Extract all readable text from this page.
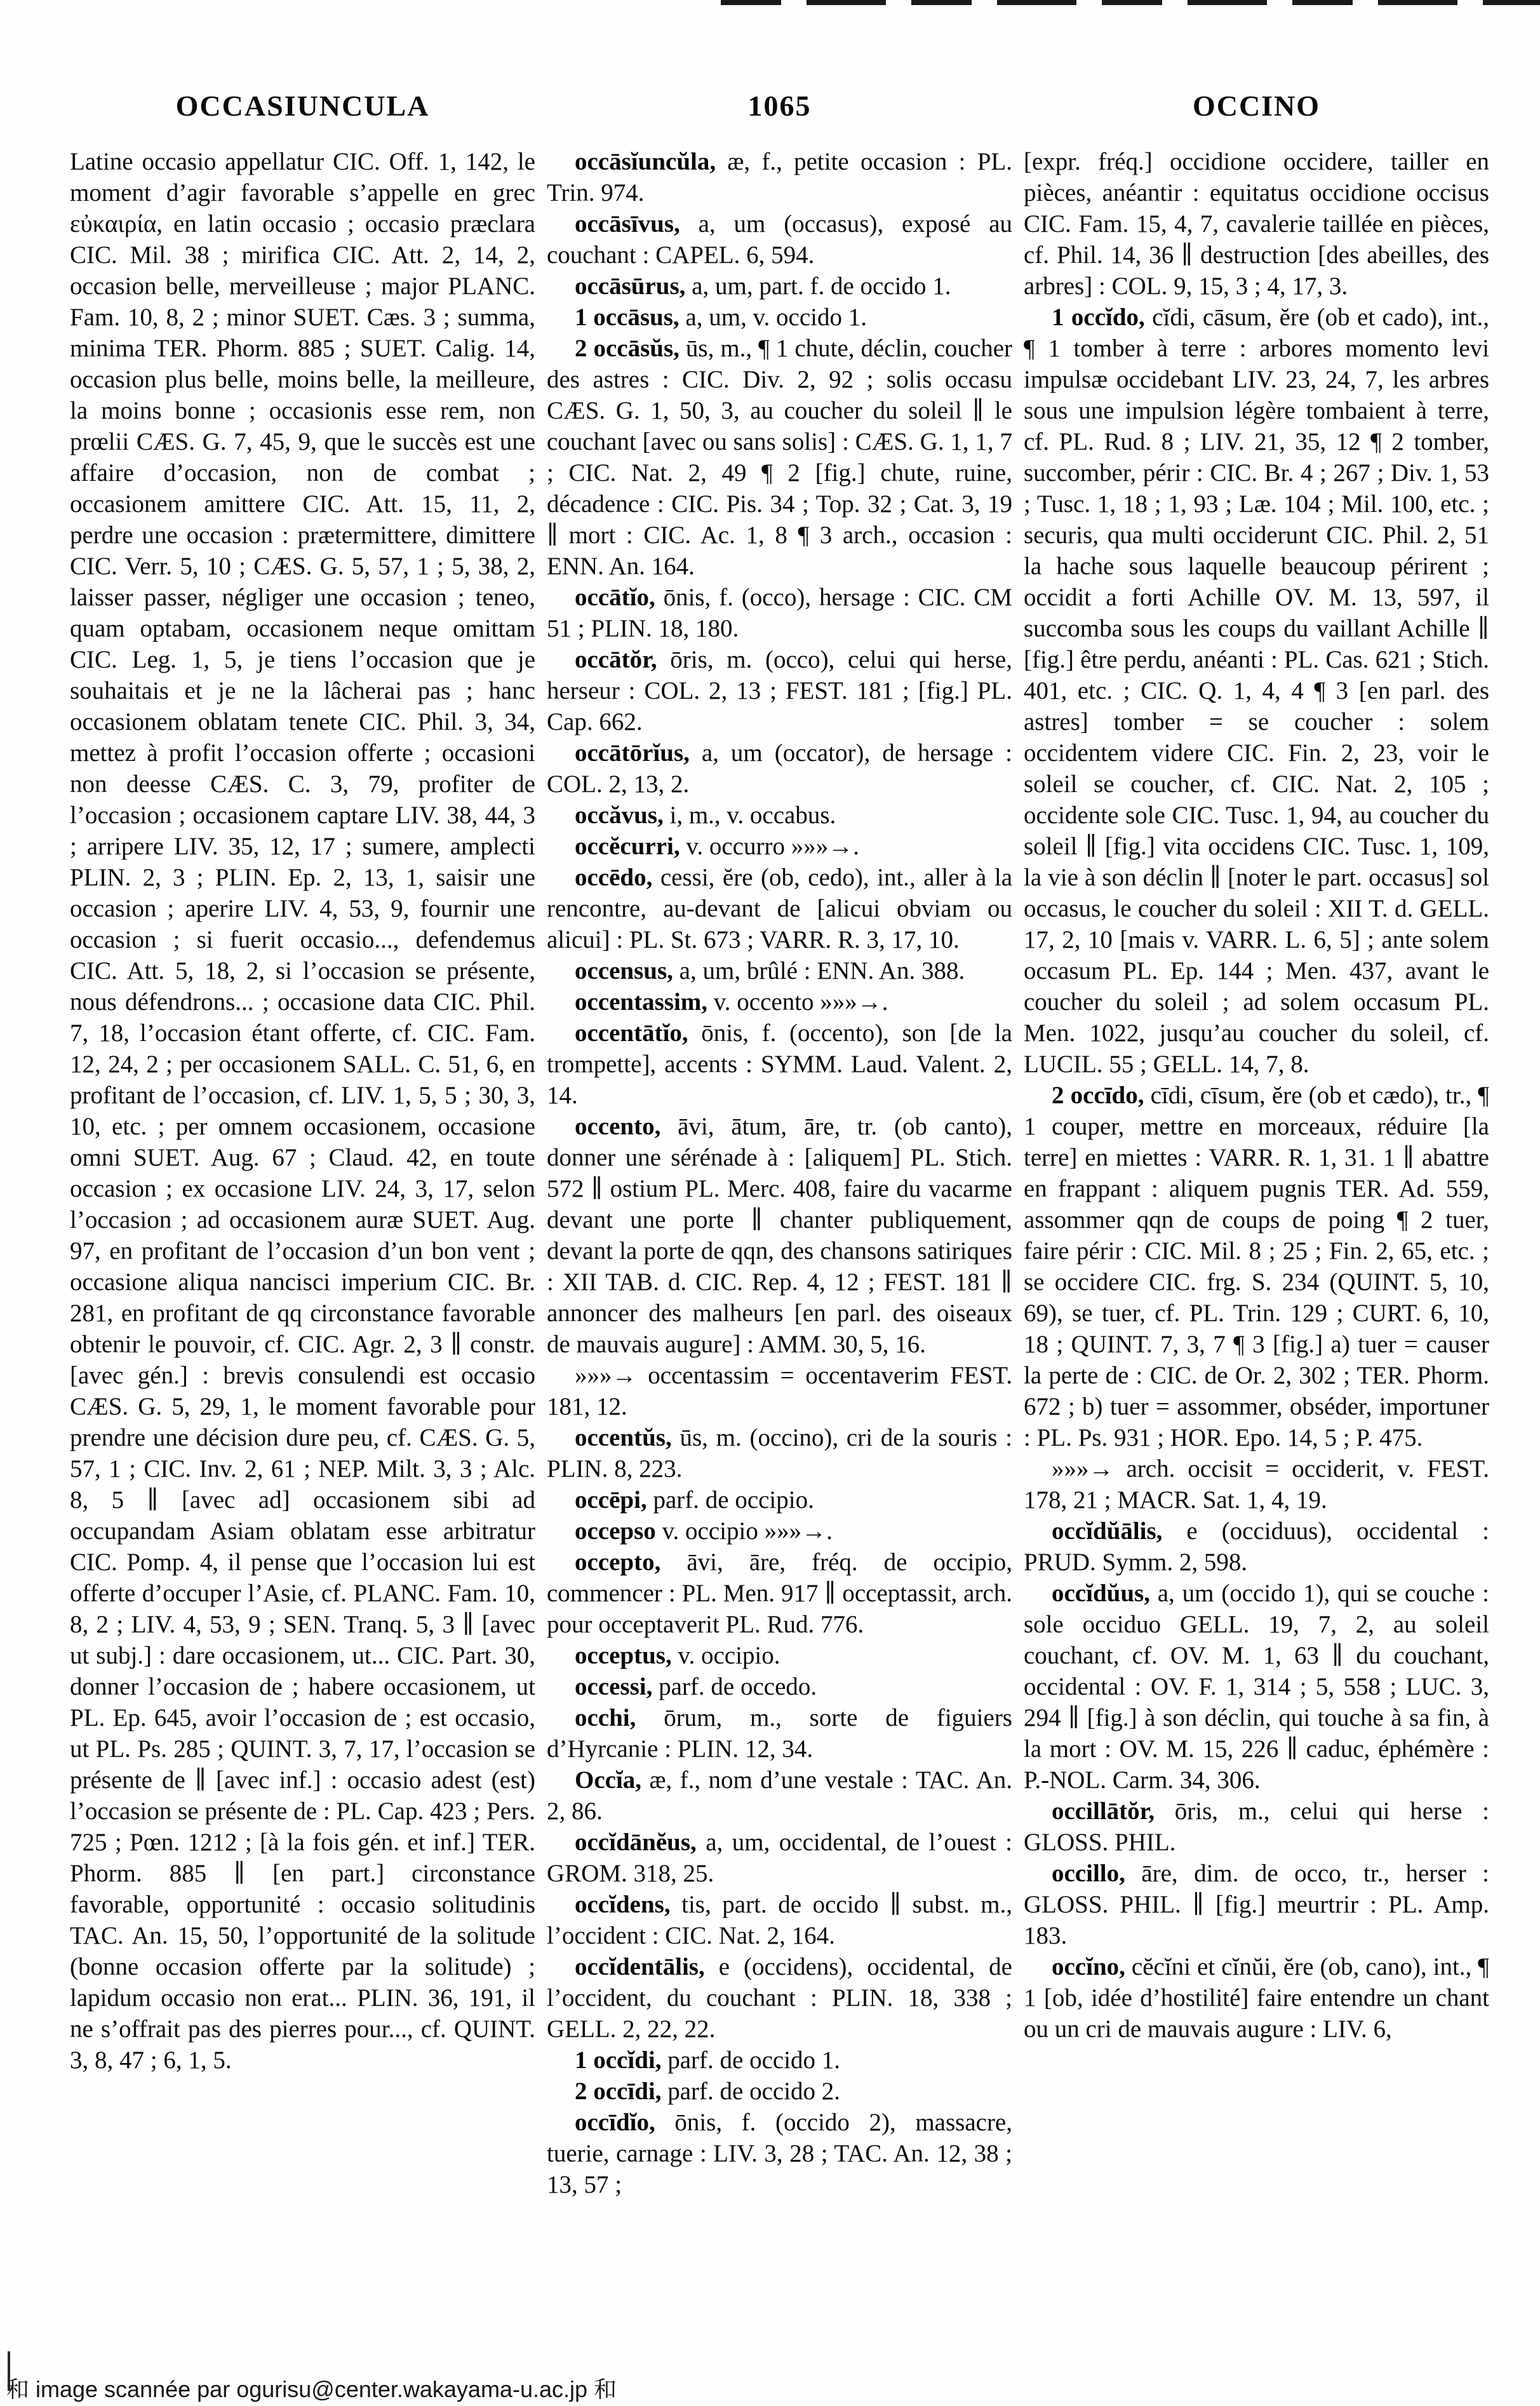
OCCASIUNCULA	1065	OCCINO

Latine occasio appellatur CIC. Off. 1, 142, le moment d’agir favorable s’appelle en grec εὐκαιρία, en latin occasio ; occasio præclara CIC. Mil. 38 ; mirifica CIC. Att. 2, 14, 2, occasion belle, merveilleuse ; major PLANC. Fam. 10, 8, 2 ; minor SUET. Cæs. 3 ; summa, minima TER. Phorm. 885 ; SUET. Calig. 14, occasion plus belle, moins belle, la meilleure, la moins bonne ; occasionis esse rem, non prœlii CÆS. G. 7, 45, 9, que le succès est une affaire d’occasion, non de combat ; occasionem amittere CIC. Att. 15, 11, 2, perdre une occasion : prætermittere, dimittere CIC. Verr. 5, 10 ; CÆS. G. 5, 57, 1 ; 5, 38, 2, laisser passer, négliger une occasion ; teneo, quam optabam, occasionem neque omittam CIC. Leg. 1, 5, je tiens l’occasion que je souhaitais et je ne la lâcherai pas ; hanc occasionem oblatam tenete CIC. Phil. 3, 34, mettez à profit l’occasion offerte ; occasioni non deesse CÆS. C. 3, 79, profiter de l’occasion ; occasionem captare LIV. 38, 44, 3 ; arripere LIV. 35, 12, 17 ; sumere, amplecti PLIN. 2, 3 ; PLIN. Ep. 2, 13, 1, saisir une occasion ; aperire LIV. 4, 53, 9, fournir une occasion ; si fuerit occasio..., defendemus CIC. Att. 5, 18, 2, si l’occasion se présente, nous défendrons... ; occasione data CIC. Phil. 7, 18, l’occasion étant offerte, cf. CIC. Fam. 12, 24, 2 ; per occasionem SALL. C. 51, 6, en profitant de l’occasion, cf. LIV. 1, 5, 5 ; 30, 3, 10, etc. ; per omnem occasionem, occasione omni SUET. Aug. 67 ; Claud. 42, en toute occasion ; ex occasione LIV. 24, 3, 17, selon l’occasion ; ad occasionem auræ SUET. Aug. 97, en profitant de l’occasion d’un bon vent ; occasione aliqua nancisci imperium CIC. Br. 281, en profitant de qq circonstance favorable obtenir le pouvoir, cf. CIC. Agr. 2, 3 ∥ constr. [avec gén.] : brevis consulendi est occasio CÆS. G. 5, 29, 1, le moment favorable pour prendre une décision dure peu, cf. CÆS. G. 5, 57, 1 ; CIC. Inv. 2, 61 ; NEP. Milt. 3, 3 ; Alc. 8, 5 ∥ [avec ad] occasionem sibi ad occupandam Asiam oblatam esse arbitratur CIC. Pomp. 4, il pense que l’occasion lui est offerte d’occuper l’Asie, cf. PLANC. Fam. 10, 8, 2 ; LIV. 4, 53, 9 ; SEN. Tranq. 5, 3 ∥ [avec ut subj.] : dare occasionem, ut... CIC. Part. 30, donner l’occasion de ; habere occasionem, ut PL. Ep. 645, avoir l’occasion de ; est occasio, ut PL. Ps. 285 ; QUINT. 3, 7, 17, l’occasion se présente de ∥ [avec inf.] : occasio adest (est) l’occasion se présente de : PL. Cap. 423 ; Pers. 725 ; Pœn. 1212 ; [à la fois gén. et inf.] TER. Phorm. 885 ∥ [en part.] circonstance favorable, opportunité : occasio solitudinis TAC. An. 15, 50, l’opportunité de la solitude (bonne occasion offerte par la solitude) ; lapidum occasio non erat... PLIN. 36, 191, il ne s’offrait pas des pierres pour..., cf. QUINT. 3, 8, 47 ; 6, 1, 5.

occāsĭuncŭla, æ, f., petite occasion : PL. Trin. 974.

occāsīvus, a, um (occasus), exposé au couchant : CAPEL. 6, 594.

occāsūrus, a, um, part. f. de occido 1.

1 occāsus, a, um, v. occido 1.

2 occāsŭs, ūs, m., ¶ 1 chute, déclin, coucher des astres : CIC. Div. 2, 92 ; solis occasu CÆS. G. 1, 50, 3, au coucher du soleil ∥ le couchant [avec ou sans solis] : CÆS. G. 1, 1, 7 ; CIC. Nat. 2, 49 ¶ 2 [fig.] chute, ruine, décadence : CIC. Pis. 34 ; Top. 32 ; Cat. 3, 19 ∥ mort : CIC. Ac. 1, 8 ¶ 3 arch., occasion : ENN. An. 164.

occātĭo, ōnis, f. (occo), hersage : CIC. CM 51 ; PLIN. 18, 180.

occātŏr, ōris, m. (occo), celui qui herse, herseur : COL. 2, 13 ; FEST. 181 ; [fig.] PL. Cap. 662.

occātōrĭus, a, um (occator), de hersage : COL. 2, 13, 2.

occăvus, i, m., v. occabus.

occĕcurri, v. occurro »»»→.

occēdo, cessi, ĕre (ob, cedo), int., aller à la rencontre, au-devant de [alicui obviam ou alicui] : PL. St. 673 ; VARR. R. 3, 17, 10.

occensus, a, um, brûlé : ENN. An. 388.

occentassim, v. occento »»»→.

occentātĭo, ōnis, f. (occento), son [de la trompette], accents : SYMM. Laud. Valent. 2, 14.

occento, āvi, ātum, āre, tr. (ob canto), donner une sérénade à : [aliquem] PL. Stich. 572 ∥ ostium PL. Merc. 408, faire du vacarme devant une porte ∥ chanter publiquement, devant la porte de qqn, des chansons satiriques : XII TAB. d. CIC. Rep. 4, 12 ; FEST. 181 ∥ annoncer des malheurs [en parl. des oiseaux de mauvais augure] : AMM. 30, 5, 16.

»»»→ occentassim = occentaverim FEST. 181, 12.

occentŭs, ūs, m. (occino), cri de la souris : PLIN. 8, 223.

occēpi, parf. de occipio.

occepso v. occipio »»»→.

occepto, āvi, āre, fréq. de occipio, commencer : PL. Men. 917 ∥ occeptassit, arch. pour occeptaverit PL. Rud. 776.

occeptus, v. occipio.

occessi, parf. de occedo.

occhi, ōrum, m., sorte de figuiers d’Hyrcanie : PLIN. 12, 34.

Occĭa, æ, f., nom d’une vestale : TAC. An. 2, 86.

occĭdānĕus, a, um, occidental, de l’ouest : GROM. 318, 25.

occĭdens, tis, part. de occido ∥ subst. m., l’occident : CIC. Nat. 2, 164.

occĭdentālis, e (occidens), occidental, de l’occident, du couchant : PLIN. 18, 338 ; GELL. 2, 22, 22.

1 occĭdi, parf. de occido 1.

2 occīdi, parf. de occido 2.

occīdĭo, ōnis, f. (occido 2), massacre, tuerie, carnage : LIV. 3, 28 ; TAC. An. 12, 38 ; 13, 57 ;

[expr. fréq.] occidione occidere, tailler en pièces, anéantir : equitatus occidione occisus CIC. Fam. 15, 4, 7, cavalerie taillée en pièces, cf. Phil. 14, 36 ∥ destruction [des abeilles, des arbres] : COL. 9, 15, 3 ; 4, 17, 3.

1 occĭdo, cĭdi, cāsum, ĕre (ob et cado), int., ¶ 1 tomber à terre : arbores momento levi impulsæ occidebant LIV. 23, 24, 7, les arbres sous une impulsion légère tombaient à terre, cf. PL. Rud. 8 ; LIV. 21, 35, 12 ¶ 2 tomber, succomber, périr : CIC. Br. 4 ; 267 ; Div. 1, 53 ; Tusc. 1, 18 ; 1, 93 ; Læ. 104 ; Mil. 100, etc. ; securis, qua multi occiderunt CIC. Phil. 2, 51 la hache sous laquelle beaucoup périrent ; occidit a forti Achille OV. M. 13, 597, il succomba sous les coups du vaillant Achille ∥ [fig.] être perdu, anéanti : PL. Cas. 621 ; Stich. 401, etc. ; CIC. Q. 1, 4, 4 ¶ 3 [en parl. des astres] tomber = se coucher : solem occidentem videre CIC. Fin. 2, 23, voir le soleil se coucher, cf. CIC. Nat. 2, 105 ; occidente sole CIC. Tusc. 1, 94, au coucher du soleil ∥ [fig.] vita occidens CIC. Tusc. 1, 109, la vie à son déclin ∥ [noter le part. occasus] sol occasus, le coucher du soleil : XII T. d. GELL. 17, 2, 10 [mais v. VARR. L. 6, 5] ; ante solem occasum PL. Ep. 144 ; Men. 437, avant le coucher du soleil ; ad solem occasum PL. Men. 1022, jusqu’au coucher du soleil, cf. LUCIL. 55 ; GELL. 14, 7, 8.

2 occīdo, cīdi, cīsum, ĕre (ob et cædo), tr., ¶ 1 couper, mettre en morceaux, réduire [la terre] en miettes : VARR. R. 1, 31. 1 ∥ abattre en frappant : aliquem pugnis TER. Ad. 559, assommer qqn de coups de poing ¶ 2 tuer, faire périr : CIC. Mil. 8 ; 25 ; Fin. 2, 65, etc. ; se occidere CIC. frg. S. 234 (QUINT. 5, 10, 69), se tuer, cf. PL. Trin. 129 ; CURT. 6, 10, 18 ; QUINT. 7, 3, 7 ¶ 3 [fig.] a) tuer = causer la perte de : CIC. de Or. 2, 302 ; TER. Phorm. 672 ; b) tuer = assommer, obséder, importuner : PL. Ps. 931 ; HOR. Epo. 14, 5 ; P. 475.

»»»→ arch. occisit = occiderit, v. FEST. 178, 21 ; MACR. Sat. 1, 4, 19.

occĭdŭālis, e (occiduus), occidental : PRUD. Symm. 2, 598.

occĭdŭus, a, um (occido 1), qui se couche : sole occiduo GELL. 19, 7, 2, au soleil couchant, cf. OV. M. 1, 63 ∥ du couchant, occidental : OV. F. 1, 314 ; 5, 558 ; LUC. 3, 294 ∥ [fig.] à son déclin, qui touche à sa fin, à la mort : OV. M. 15, 226 ∥ caduc, éphémère : P.-NOL. Carm. 34, 306.

occillātŏr, ōris, m., celui qui herse : GLOSS. PHIL.

occillo, āre, dim. de occo, tr., herser : GLOSS. PHIL. ∥ [fig.] meurtrir : PL. Amp. 183.

occĭno, cĕcĭni et cĭnŭi, ĕre (ob, cano), int., ¶ 1 [ob, idée d’hostilité] faire entendre un chant ou un cri de mauvais augure : LIV. 6,

和 image scannée par ogurisu@center.wakayama-u.ac.jp 和
